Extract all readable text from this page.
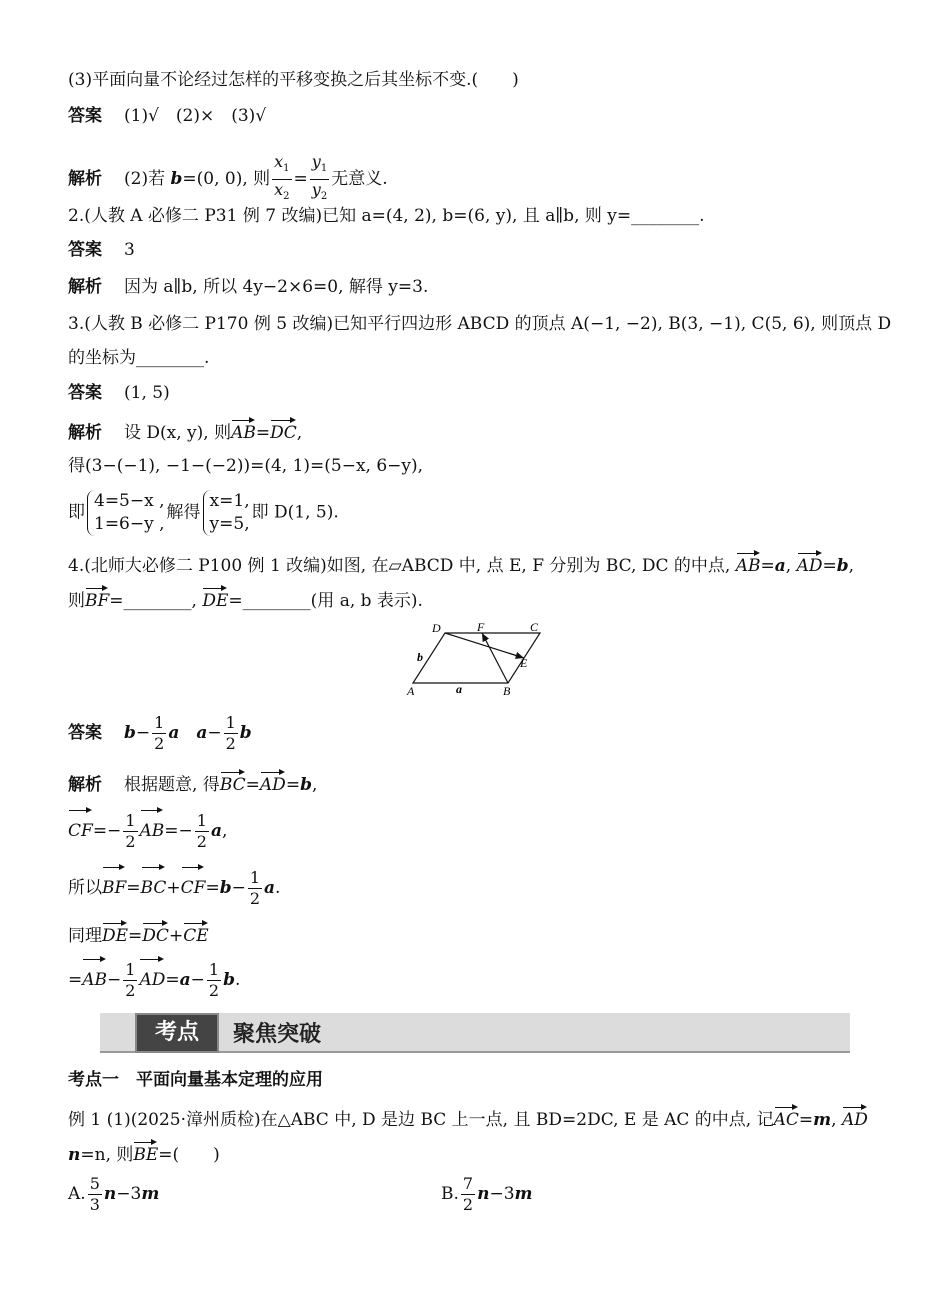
(3)平面向量不论经过怎样的平移变换之后其坐标不变.(　　)
答案 (1)√　(2)×　(3)√
解析 (2)若 b=(0, 0), 则 $\frac{x_1}{x_2} = \frac{y_1}{y_2}$ 无意义.
2.(人教 A 必修二 P31 例 7 改编)已知 a=(4, 2), b=(6, y), 且 a∥b, 则 y=________.
答案 3
解析 因为 a∥b, 所以 4y−2×6=0, 解得 y=3.
3.(人教 B 必修二 P170 例 5 改编)已知平行四边形 ABCD 的顶点 A(−1, −2), B(3, −1), C(5, 6), 则顶点 D
的坐标为________.
答案 (1, 5)
解析 设 D(x, y), 则AB=DC,
得(3−(−1), −1−(−2))=(4, 1)=(5−x, 6−y),
即
4=5−x ,
1=6−y ,
解得
x=1,
y=5,
即 D(1, 5).
4.(北师大必修二 P100 例 1 改编)如图, 在▱ABCD 中, 点 E, F 分别为 BC, DC 的中点, AB=a, AD=b,
则BF=________, DE=________(用 a, b 表示).
A	B
C
D
E
F
a
b
答案 $b- \frac{1}{2}$ a　 $a- \frac{1}{2}$ b
解析 根据题意, 得BC=AD=b,
$CF=- \frac{1}{2} AB=- \frac{1}{2} a$,
所以$BF=BC+CF=b- \frac{1}{2} a$.
同理DE=DC+CE
$=AB- \frac{1}{2} AD=a- \frac{1}{2} b$.
考点	聚焦突破
考点一　平面向量基本定理的应用
例 1 (1)(2025·漳州质检)在△ABC 中, D 是边 BC 上一点, 且 BD=2DC, E 是 AC 的中点, 记AC=m, AD
n=n, 则BE=(　　)
A. $\frac{5}{3} n-3m$	B. $\frac{7}{2} n-3m$
